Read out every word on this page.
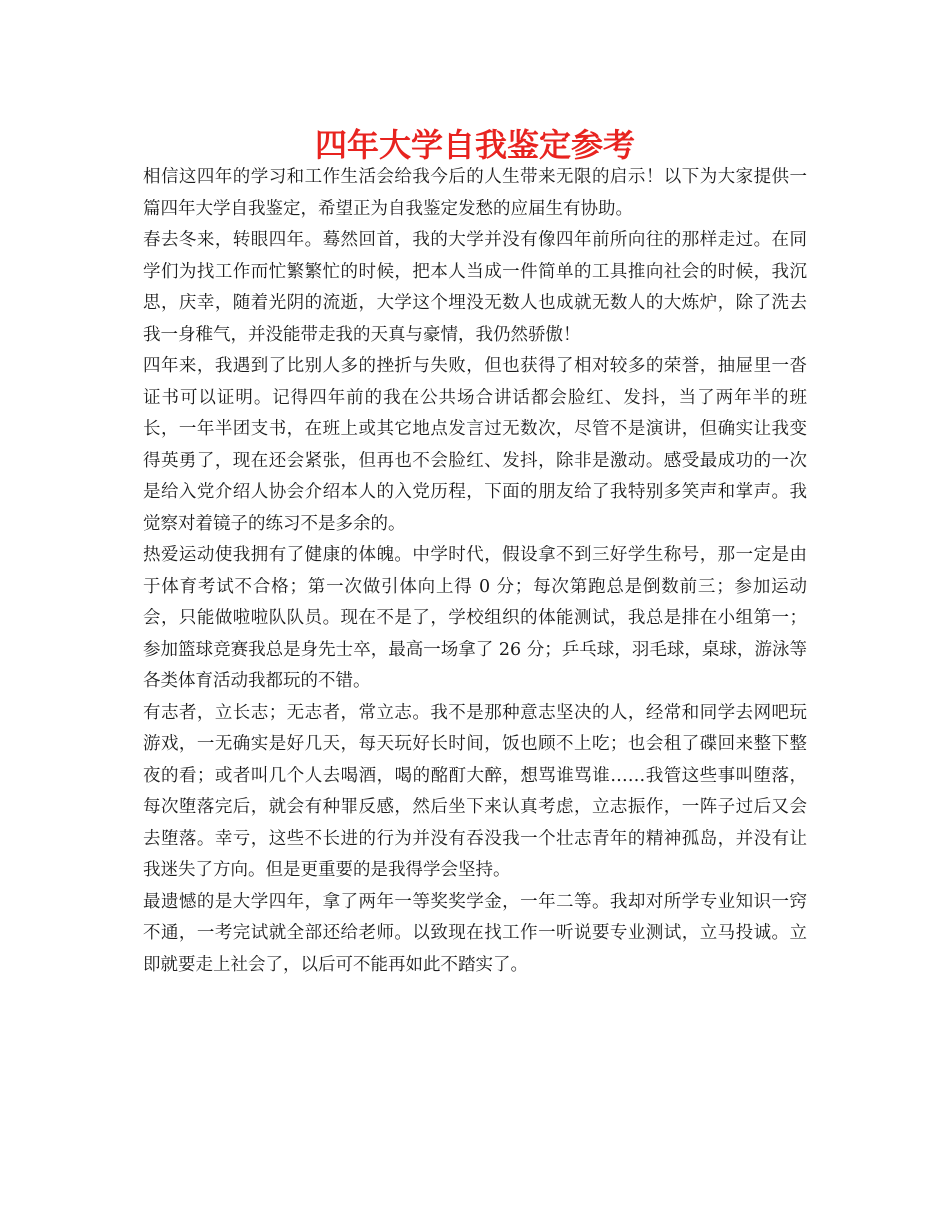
四年大学自我鉴定参考

相信这四年的学习和工作生活会给我今后的人生带来无限的启示！以下为大家提供一篇四年大学自我鉴定，希望正为自我鉴定发愁的应届生有协助。

春去冬来，转眼四年。蓦然回首，我的大学并没有像四年前所向往的那样走过。在同学们为找工作而忙繁繁忙的时候，把本人当成一件简单的工具推向社会的时候，我沉思，庆幸，随着光阴的流逝，大学这个埋没无数人也成就无数人的大炼炉，除了洗去我一身稚气，并没能带走我的天真与豪情，我仍然骄傲！

四年来，我遇到了比别人多的挫折与失败，但也获得了相对较多的荣誉，抽屉里一沓证书可以证明。记得四年前的我在公共场合讲话都会脸红、发抖，当了两年半的班长，一年半团支书，在班上或其它地点发言过无数次，尽管不是演讲，但确实让我变得英勇了，现在还会紧张，但再也不会脸红、发抖，除非是激动。感受最成功的一次是给入党介绍人协会介绍本人的入党历程，下面的朋友给了我特别多笑声和掌声。我觉察对着镜子的练习不是多余的。

热爱运动使我拥有了健康的体魄。中学时代，假设拿不到三好学生称号，那一定是由于体育考试不合格；第一次做引体向上得 0 分；每次第跑总是倒数前三；参加运动会，只能做啦啦队队员。现在不是了，学校组织的体能测试，我总是排在小组第一；参加篮球竞赛我总是身先士卒，最高一场拿了 26 分；乒乓球，羽毛球，桌球，游泳等各类体育活动我都玩的不错。

有志者，立长志；无志者，常立志。我不是那种意志坚决的人，经常和同学去网吧玩游戏，一无确实是好几天，每天玩好长时间，饭也顾不上吃；也会租了碟回来整下整夜的看；或者叫几个人去喝酒，喝的酩酊大醉，想骂谁骂谁……我管这些事叫堕落，每次堕落完后，就会有种罪反感，然后坐下来认真考虑，立志振作，一阵子过后又会去堕落。幸亏，这些不长进的行为并没有吞没我一个壮志青年的精神孤岛，并没有让我迷失了方向。但是更重要的是我得学会坚持。

最遗憾的是大学四年，拿了两年一等奖奖学金，一年二等。我却对所学专业知识一窍不通，一考完试就全部还给老师。以致现在找工作一听说要专业测试，立马投诚。立即就要走上社会了，以后可不能再如此不踏实了。
